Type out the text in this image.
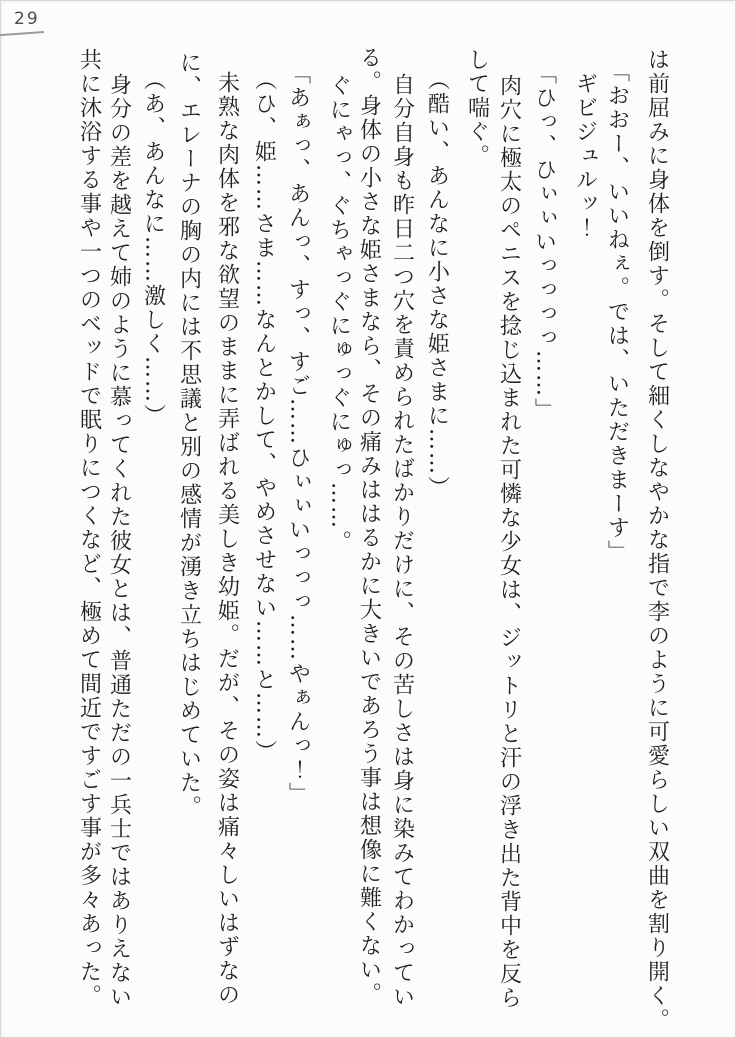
29
は前屈みに身体を倒す。そして細くしなやかな指で李のように可愛らしい双曲を割り開く。
「おおー、いいねぇ。では、いただきまーす」
ギビジュルッ！
「ひっ、ひぃぃいっっっっ……」
肉穴に極太のペニスを捻じ込まれた可憐な少女は、ジットリと汗の浮き出た背中を反ら
して喘ぐ。
（酷い、あんなに小さな姫さまに……）
自分自身も昨日二つ穴を責められたばかりだけに、その苦しさは身に染みてわかってい
る。身体の小さな姫さまなら、その痛みははるかに大きいであろう事は想像に難くない。
ぐにゃっ、ぐちゃっぐにゅっぐにゅっ……。
「あぁっ、あんっ、すっ、すご……ひぃぃいっっっ……やぁんっ！」
（ひ、姫……さま……なんとかして、やめさせない……と……）
未熟な肉体を邪な欲望のままに弄ばれる美しき幼姫。だが、その姿は痛々しいはずなの
に、エレーナの胸の内には不思議と別の感情が湧き立ちはじめていた。
（あ、あんなに……激しく……）
身分の差を越えて姉のように慕ってくれた彼女とは、普通ただの一兵士ではありえない
共に沐浴する事や一つのベッドで眠りにつくなど、極めて間近ですごす事が多々あった。
